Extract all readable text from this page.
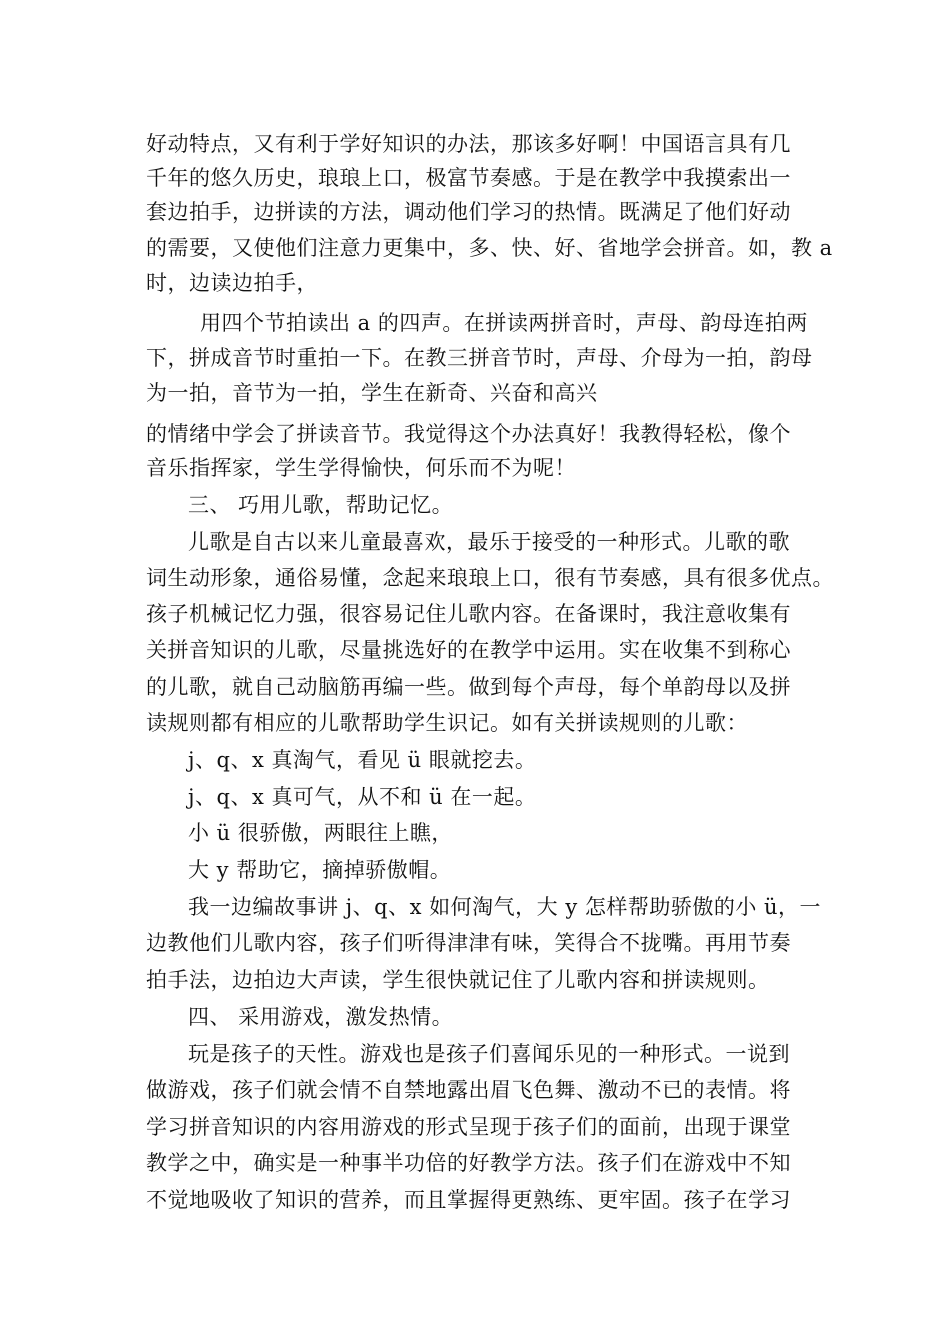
好动特点，又有利于学好知识的办法，那该多好啊！中国语言具有几
千年的悠久历史，琅琅上口，极富节奏感。于是在教学中我摸索出一
套边拍手，边拼读的方法，调动他们学习的热情。既满足了他们好动
的需要，又使他们注意力更集中，多、快、好、省地学会拼音。如，教 a
时，边读边拍手，
用四个节拍读出 a 的四声。在拼读两拼音时，声母、韵母连拍两
下，拼成音节时重拍一下。在教三拼音节时，声母、介母为一拍，韵母
为一拍，音节为一拍，学生在新奇、兴奋和高兴
的情绪中学会了拼读音节。我觉得这个办法真好！我教得轻松，像个
音乐指挥家，学生学得愉快，何乐而不为呢！
三、 巧用儿歌，帮助记忆。
儿歌是自古以来儿童最喜欢，最乐于接受的一种形式。儿歌的歌
词生动形象，通俗易懂，念起来琅琅上口，很有节奏感，具有很多优点。
孩子机械记忆力强，很容易记住儿歌内容。在备课时，我注意收集有
关拼音知识的儿歌，尽量挑选好的在教学中运用。实在收集不到称心
的儿歌，就自己动脑筋再编一些。做到每个声母，每个单韵母以及拼
读规则都有相应的儿歌帮助学生识记。如有关拼读规则的儿歌：
j、q、x 真淘气，看见 ü 眼就挖去。
j、q、x 真可气，从不和 ü 在一起。
小 ü 很骄傲，两眼往上瞧，
大 y 帮助它，摘掉骄傲帽。
我一边编故事讲 j、q、x 如何淘气，大 y 怎样帮助骄傲的小 ü，一
边教他们儿歌内容，孩子们听得津津有味，笑得合不拢嘴。再用节奏
拍手法，边拍边大声读，学生很快就记住了儿歌内容和拼读规则。
四、 采用游戏，激发热情。
玩是孩子的天性。游戏也是孩子们喜闻乐见的一种形式。一说到
做游戏，孩子们就会情不自禁地露出眉飞色舞、激动不已的表情。将
学习拼音知识的内容用游戏的形式呈现于孩子们的面前，出现于课堂
教学之中，确实是一种事半功倍的好教学方法。孩子们在游戏中不知
不觉地吸收了知识的营养，而且掌握得更熟练、更牢固。孩子在学习
